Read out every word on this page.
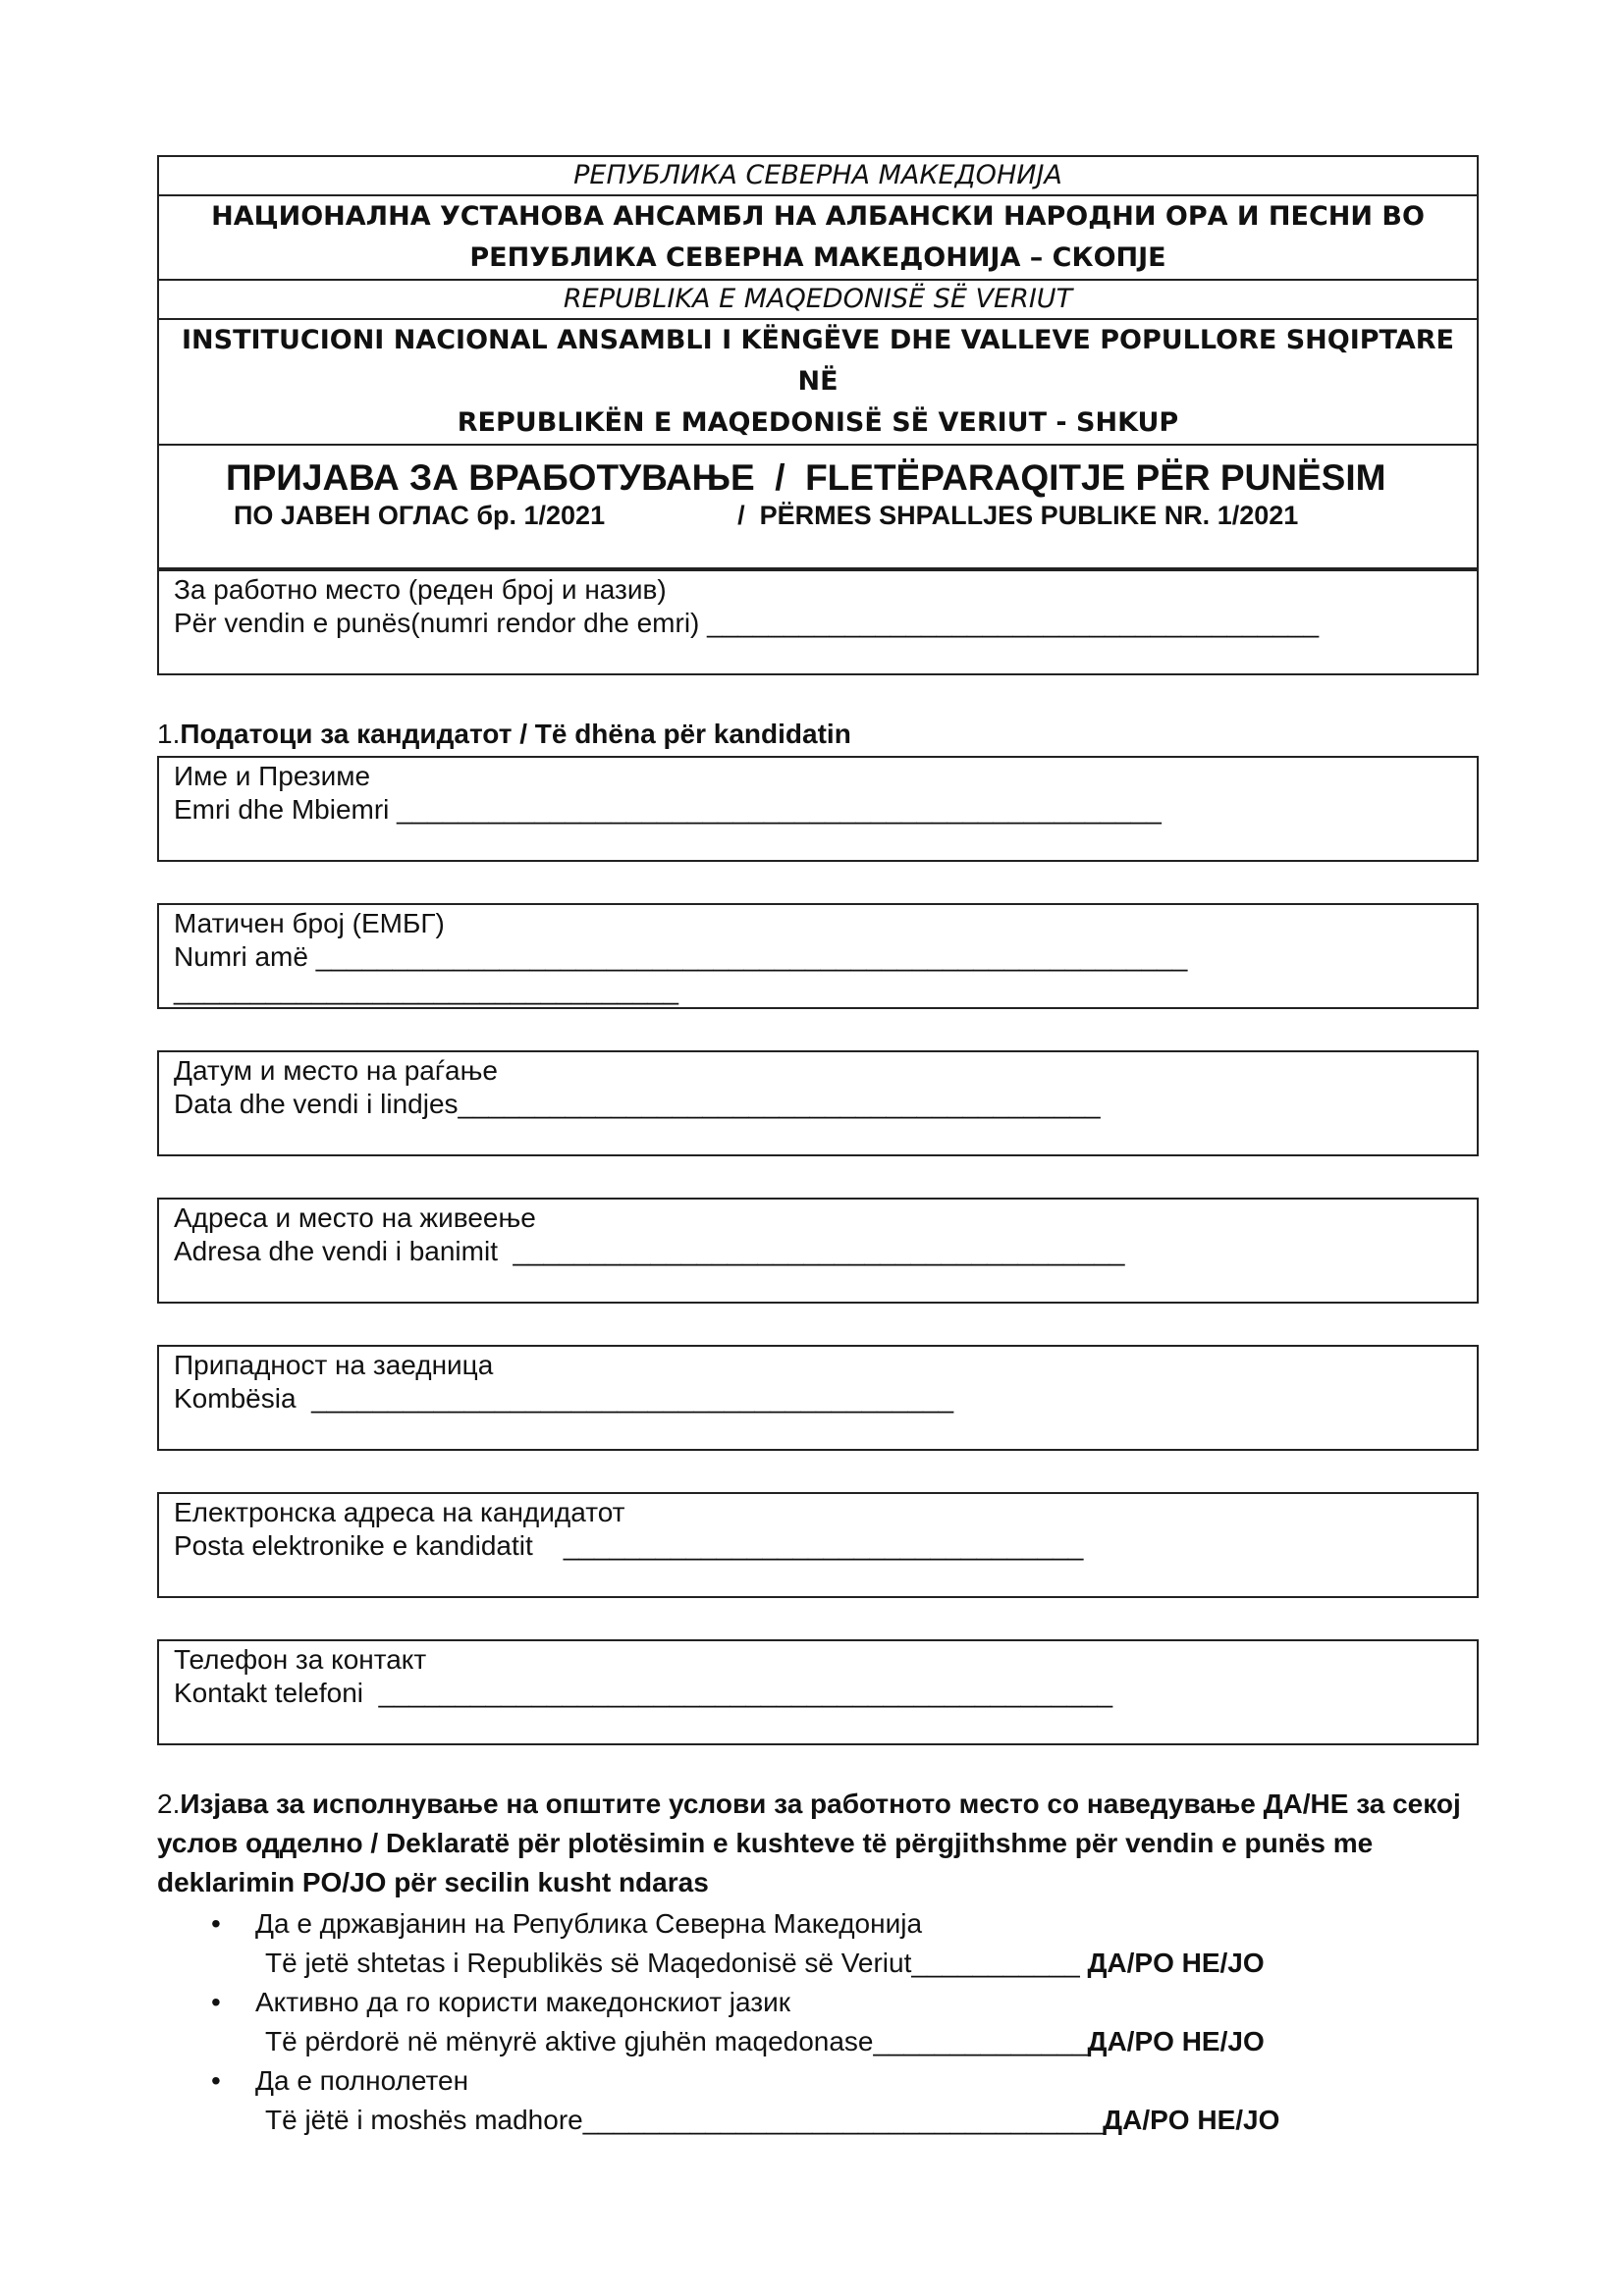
РЕПУБЛИКА СЕВЕРНА МАКЕДОНИЈА
НАЦИОНАЛНА УСТАНОВА АНСАМБЛ НА АЛБАНСКИ НАРОДНИ ОРА И ПЕСНИ ВО
РЕПУБЛИКА СЕВЕРНА МАКЕДОНИЈА – СКОПЈЕ
REPUBLIKA E MAQEDONISË SË VERIUT
INSTITUCIONI NACIONAL ANSAMBLI I KËNGËVE DHE VALLEVE POPULLORE SHQIPTARE NË
REPUBLIKËN E MAQEDONISË SË VERIUT - SHKUP
ПРИЈАВА ЗА ВРАБОТУВАЊЕ  /  FLETËPARAQITJE PËR PUNËSIM
ПО ЈАВЕН ОГЛАС бр. 1/2021                  /  PËRMES SHPALLJES PUBLIKE NR. 1/2021
За работно место (реден број и назив)
Për vendin e punës(numri rendor dhe emri) ________________________________________
1.Податоци за кандидатот / Të dhëna për kandidatin
Име и Презиме
Emri dhe Mbiemri __________________________________________________
Матичен број (ЕМБГ)
Numri amë _________________________________________________________
_________________________________
Датум и место на раѓање
Data dhe vendi i lindjes__________________________________________
Адреса и место на живеење
Adresa dhe vendi i banimit  ________________________________________
Припадност на заедница
Kombësia  __________________________________________
Електронска адреса на кандидатот
Posta elektronike e kandidatit    __________________________________
Телефон за контакт
Kontakt telefoni  ________________________________________________
2.Изјава за исполнување на општите услови за работното место со наведување ДА/НЕ за секој услов одделно / Deklaratë për plotësimin e kushteve të përgjithshme për vendin e punës me deklarimin PO/JO për secilin kusht ndaras
• Да е државјанин на Република Северна Македонија
Të jetë shtetas i Republikës së Maqedonisë së Veriut___________ ДА/PO НЕ/JO
• Активно да го користи македонскиот јазик
Të përdorë në mënyrë aktive gjuhën maqedonase______________ДА/PO НЕ/JO
• Да е полнолетен
Të jëtë i moshës madhore__________________________________ДА/PO НЕ/JO
